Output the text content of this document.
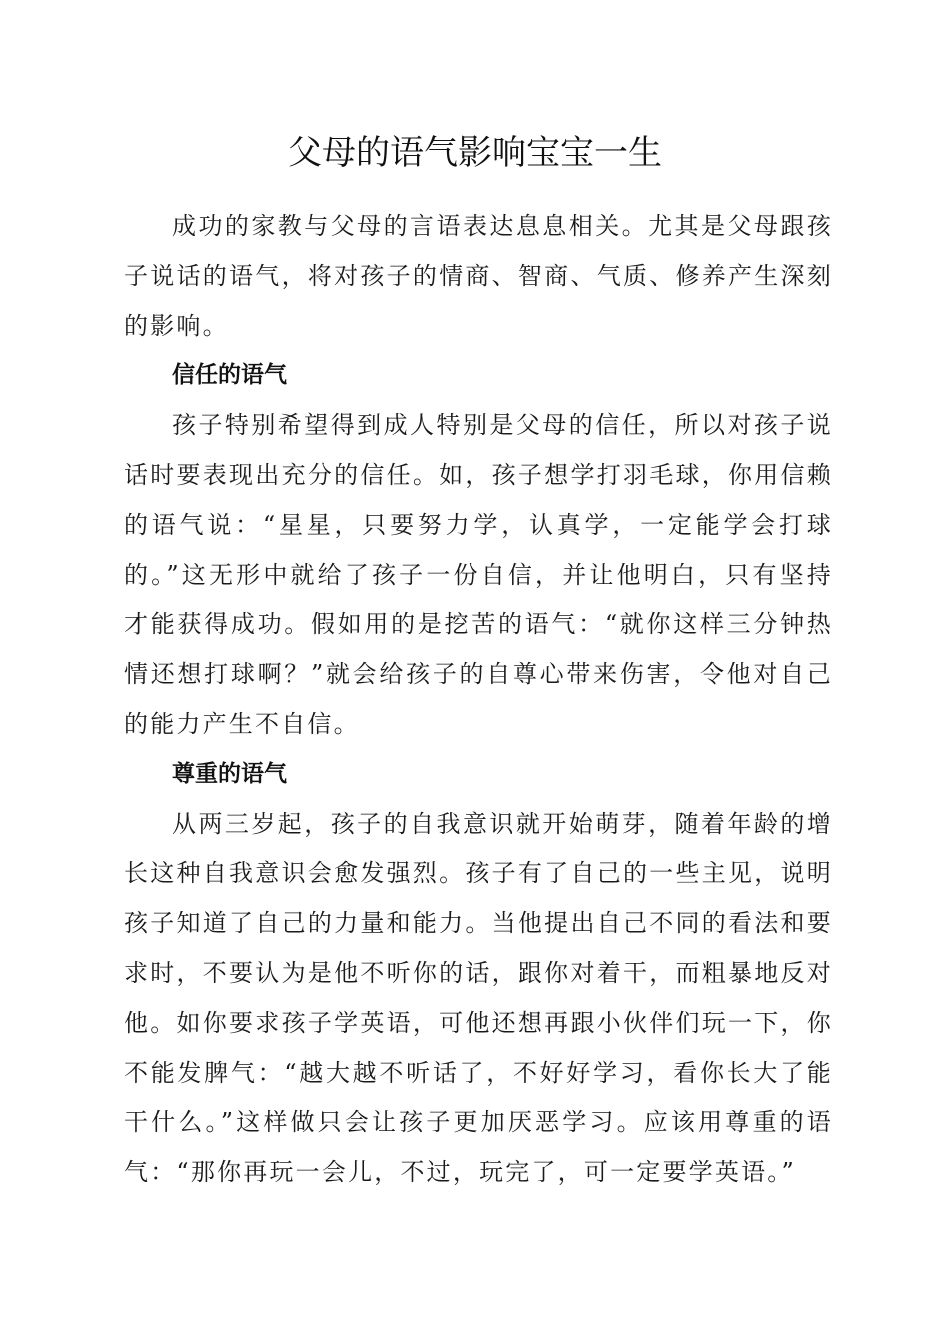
父母的语气影响宝宝一生

成功的家教与父母的言语表达息息相关。尤其是父母跟孩子说话的语气，将对孩子的情商、智商、气质、修养产生深刻的影响。

信任的语气

孩子特别希望得到成人特别是父母的信任，所以对孩子说话时要表现出充分的信任。如，孩子想学打羽毛球，你用信赖的语气说：“星星，只要努力学，认真学，一定能学会打球的。”这无形中就给了孩子一份自信，并让他明白，只有坚持才能获得成功。假如用的是挖苦的语气：“就你这样三分钟热情还想打球啊？”就会给孩子的自尊心带来伤害，令他对自己的能力产生不自信。

尊重的语气

从两三岁起，孩子的自我意识就开始萌芽，随着年龄的增长这种自我意识会愈发强烈。孩子有了自己的一些主见，说明孩子知道了自己的力量和能力。当他提出自己不同的看法和要求时，不要认为是他不听你的话，跟你对着干，而粗暴地反对他。如你要求孩子学英语，可他还想再跟小伙伴们玩一下，你不能发脾气：“越大越不听话了，不好好学习，看你长大了能干什么。”这样做只会让孩子更加厌恶学习。应该用尊重的语气：“那你再玩一会儿，不过，玩完了，可一定要学英语。”
